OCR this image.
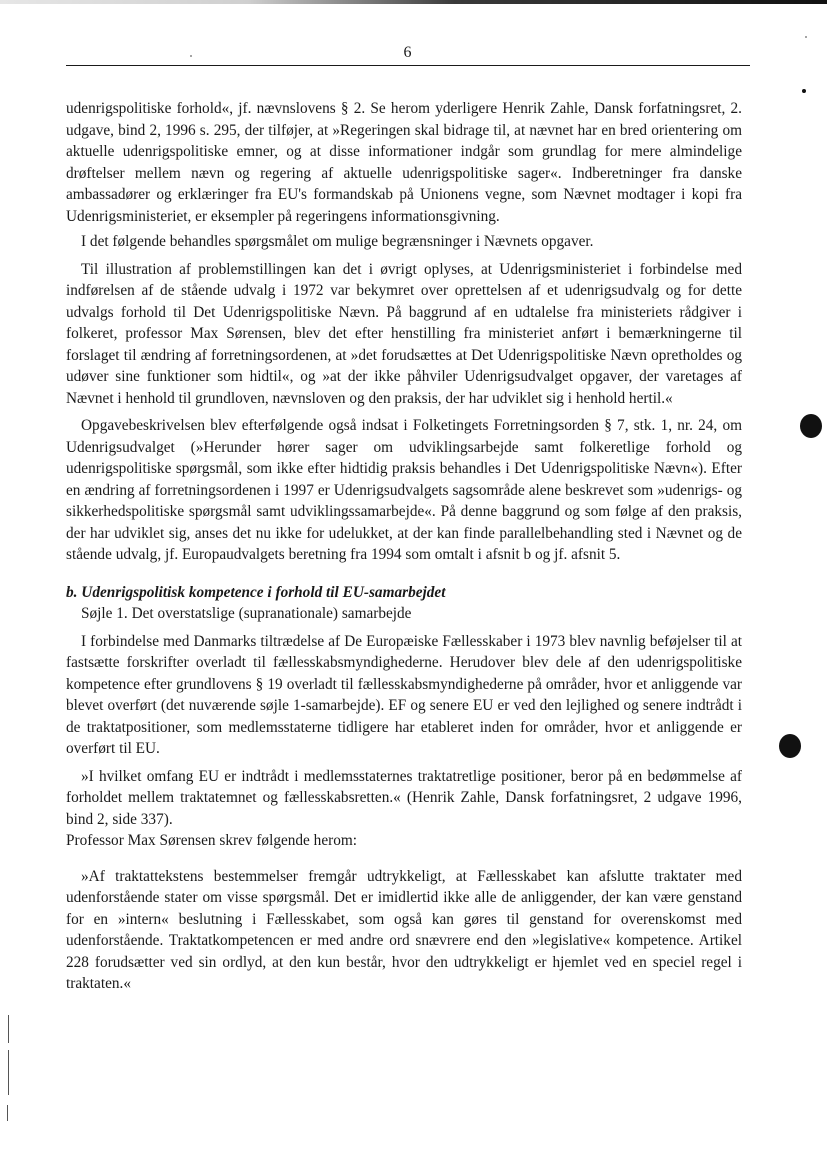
6

udenrigspolitiske forhold«, jf. nævnslovens § 2. Se herom yderligere Henrik Zahle, Dansk forfatningsret, 2. udgave, bind 2, 1996 s. 295, der tilføjer, at »Regeringen skal bidrage til, at nævnet har en bred orientering om aktuelle udenrigspolitiske emner, og at disse informationer indgår som grundlag for mere almindelige drøftelser mellem nævn og regering af aktuelle udenrigspolitiske sager«. Indberetninger fra danske ambassadører og erklæringer fra EU's formandskab på Unionens vegne, som Nævnet modtager i kopi fra Udenrigsministeriet, er eksempler på regeringens informationsgivning.

I det følgende behandles spørgsmålet om mulige begrænsninger i Nævnets opgaver.

Til illustration af problemstillingen kan det i øvrigt oplyses, at Udenrigsministeriet i forbindelse med indførelsen af de stående udvalg i 1972 var bekymret over oprettelsen af et udenrigsudvalg og for dette udvalgs forhold til Det Udenrigspolitiske Nævn. På baggrund af en udtalelse fra ministeriets rådgiver i folkeret, professor Max Sørensen, blev det efter henstilling fra ministeriet anført i bemærkningerne til forslaget til ændring af forretningsordenen, at »det forudsættes at Det Udenrigspolitiske Nævn opretholdes og udøver sine funktioner som hidtil«, og »at der ikke påhviler Udenrigsudvalget opgaver, der varetages af Nævnet i henhold til grundloven, nævnsloven og den praksis, der har udviklet sig i henhold hertil.«

Opgavebeskrivelsen blev efterfølgende også indsat i Folketingets Forretningsorden § 7, stk. 1, nr. 24, om Udenrigsudvalget (»Herunder hører sager om udviklingsarbejde samt folkeretlige forhold og udenrigspolitiske spørgsmål, som ikke efter hidtidig praksis behandles i Det Udenrigspolitiske Nævn«). Efter en ændring af forretningsordenen i 1997 er Udenrigsudvalgets sagsområde alene beskrevet som »udenrigs- og sikkerhedspolitiske spørgsmål samt udviklingssamarbejde«. På denne baggrund og som følge af den praksis, der har udviklet sig, anses det nu ikke for udelukket, at der kan finde parallelbehandling sted i Nævnet og de stående udvalg, jf. Europaudvalgets beretning fra 1994 som omtalt i afsnit b og jf. afsnit 5.

b. Udenrigspolitisk kompetence i forhold til EU-samarbejdet

Søjle 1. Det overstatslige (supranationale) samarbejde

I forbindelse med Danmarks tiltrædelse af De Europæiske Fællesskaber i 1973 blev navnlig beføjelser til at fastsætte forskrifter overladt til fællesskabsmyndighederne. Herudover blev dele af den udenrigspolitiske kompetence efter grundlovens § 19 overladt til fællesskabsmyndighederne på områder, hvor et anliggende var blevet overført (det nuværende søjle 1-samarbejde). EF og senere EU er ved den lejlighed og senere indtrådt i de traktatpositioner, som medlemsstaterne tidligere har etableret inden for områder, hvor et anliggende er overført til EU.

»I hvilket omfang EU er indtrådt i medlemsstaternes traktatretlige positioner, beror på en bedømmelse af forholdet mellem traktatemnet og fællesskabsretten.« (Henrik Zahle, Dansk forfatningsret, 2 udgave 1996, bind 2, side 337).

Professor Max Sørensen skrev følgende herom:

»Af traktattekstens bestemmelser fremgår udtrykkeligt, at Fællesskabet kan afslutte traktater med udenforstående stater om visse spørgsmål. Det er imidlertid ikke alle de anliggender, der kan være genstand for en »intern« beslutning i Fællesskabet, som også kan gøres til genstand for overenskomst med udenforstående. Traktatkompetencen er med andre ord snævrere end den »legislative« kompetence. Artikel 228 forudsætter ved sin ordlyd, at den kun består, hvor den udtrykkeligt er hjemlet ved en speciel regel i traktaten.«
